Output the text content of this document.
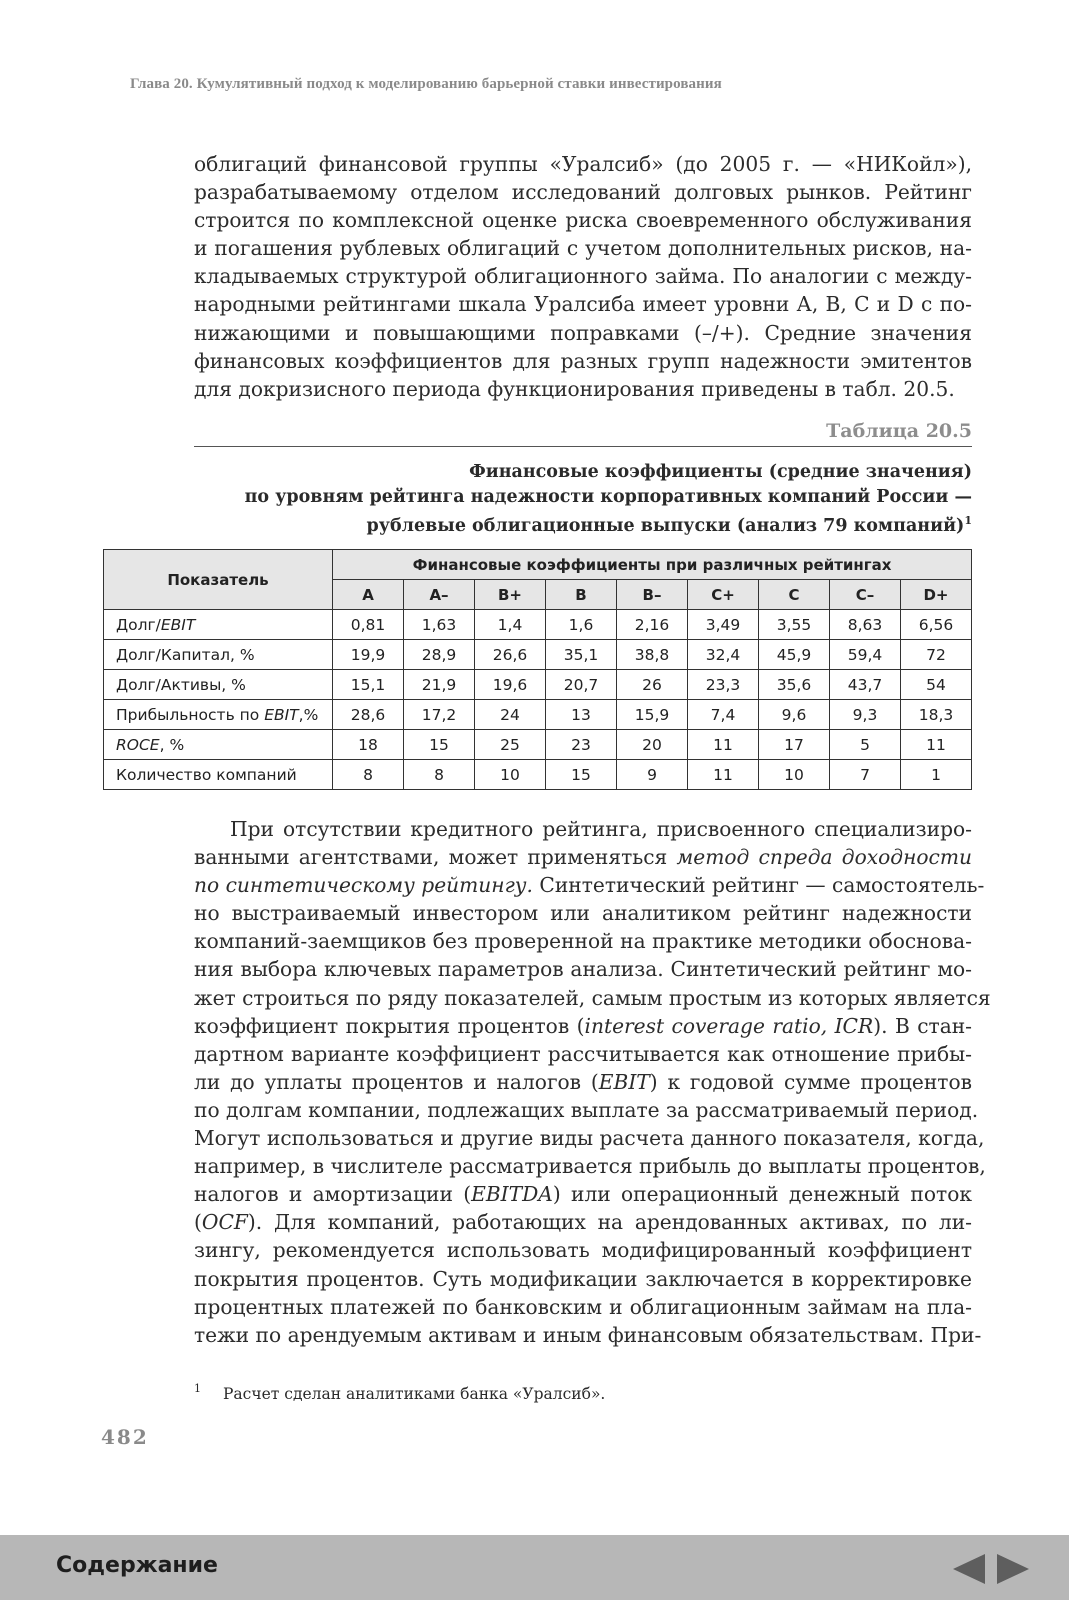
Глава 20. Кумулятивный подход к моделированию барьерной ставки инвестирования
облигаций финансовой группы «Уралсиб» (до 2005 г. — «НИКойл»),
разрабатываемому отделом исследований долговых рынков. Рейтинг
строится по комплексной оценке риска своевременного обслуживания
и погашения рублевых облигаций с учетом дополнительных рисков, на-
кладываемых структурой облигационного займа. По аналогии с между-
народными рейтингами шкала Уралсиба имеет уровни А, В, С и D с по-
нижающими и повышающими поправками (–/+). Средние значения
финансовых коэффициентов для разных групп надежности эмитентов
для докризисного периода функционирования приведены в табл. 20.5.
Таблица 20.5
Финансовые коэффициенты (средние значения)
по уровням рейтинга надежности корпоративных компаний России —
рублевые облигационные выпуски (анализ 79 компаний)$^1$
Показатель	Финансовые коэффициенты при различных рейтингах								
	A	A–	B+	B	B–	C+	C	C–	D+
Долг/EBIT	0,81	1,63	1,4	1,6	2,16	3,49	3,55	8,63	6,56
Долг/Капитал, %	19,9	28,9	26,6	35,1	38,8	32,4	45,9	59,4	72
Долг/Активы, %	15,1	21,9	19,6	20,7	26	23,3	35,6	43,7	54
Прибыльность по EBIT,%	28,6	17,2	24	13	15,9	7,4	9,6	9,3	18,3
ROCE, %	18	15	25	23	20	11	17	5	11
Количество компаний	8	8	10	15	9	11	10	7	1
При отсутствии кредитного рейтинга, присвоенного специализиро-
ванными агентствами, может применяться метод спреда доходности
по синтетическому рейтингу. Синтетический рейтинг — самостоятель-
но выстраиваемый инвестором или аналитиком рейтинг надежности
компаний-заемщиков без проверенной на практике методики обоснова-
ния выбора ключевых параметров анализа. Синтетический рейтинг мо-
жет строиться по ряду показателей, самым простым из которых является
коэффициент покрытия процентов (interest coverage ratio, ICR). В стан-
дартном варианте коэффициент рассчитывается как отношение прибы-
ли до уплаты процентов и налогов (EBIT) к годовой сумме процентов
по долгам компании, подлежащих выплате за рассматриваемый период.
Могут использоваться и другие виды расчета данного показателя, когда,
например, в числителе рассматривается прибыль до выплаты процентов,
налогов и амортизации (EBITDA) или операционный денежный поток
(OCF). Для компаний, работающих на арендованных активах, по ли-
зингу, рекомендуется использовать модифицированный коэффициент
покрытия процентов. Суть модификации заключается в корректировке
процентных платежей по банковским и облигационным займам на пла-
тежи по арендуемым активам и иным финансовым обязательствам. При-
$^1$ Расчет сделан аналитиками банка «Уралсиб».
482
Содержание
